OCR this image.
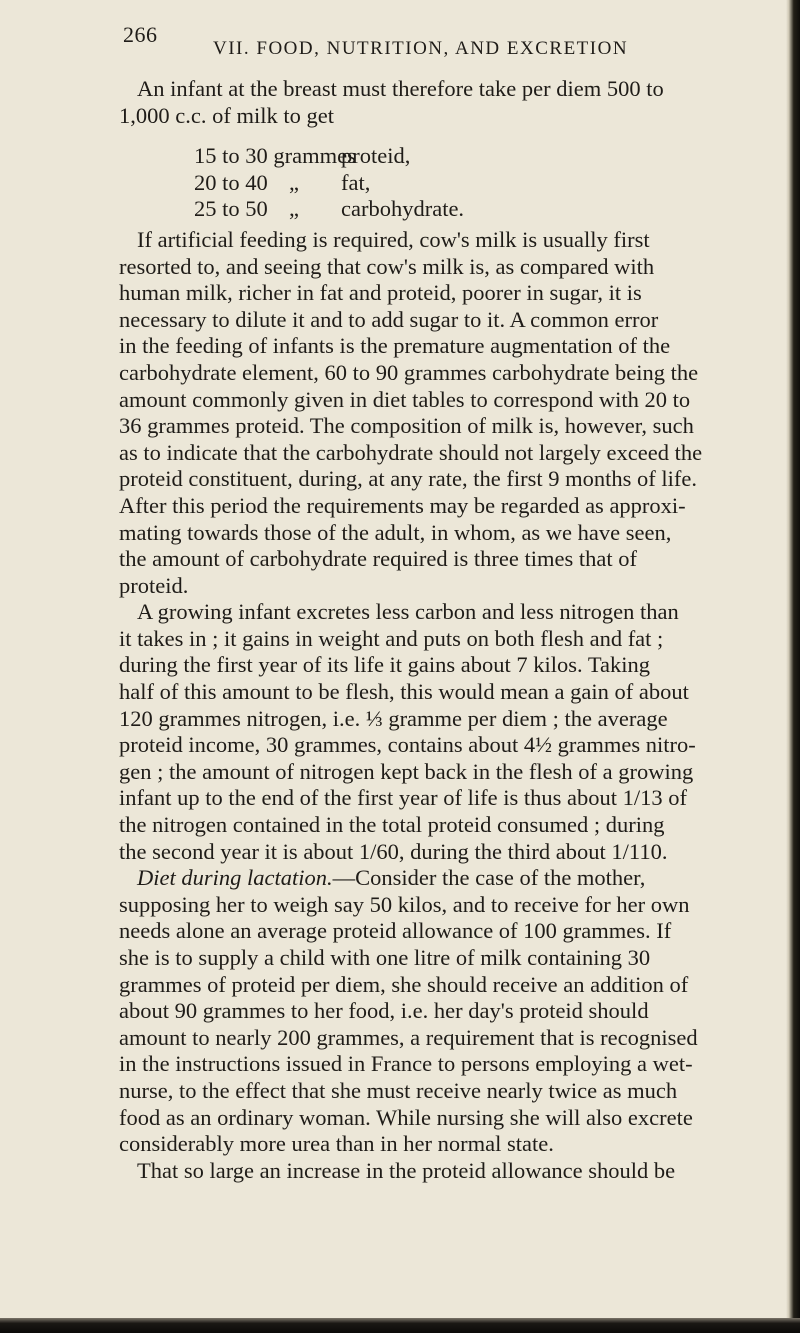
266
VII. FOOD, NUTRITION, AND EXCRETION
An infant at the breast must therefore take per diem 500 to
1,000 c.c. of milk to get
15 to 30 grammesproteid,
20 to 40 „ fat,
25 to 50 „ carbohydrate.
If artificial feeding is required, cow's milk is usually first
resorted to, and seeing that cow's milk is, as compared with
human milk, richer in fat and proteid, poorer in sugar, it is
necessary to dilute it and to add sugar to it. A common error
in the feeding of infants is the premature augmentation of the
carbohydrate element, 60 to 90 grammes carbohydrate being the
amount commonly given in diet tables to correspond with 20 to
36 grammes proteid. The composition of milk is, however, such
as to indicate that the carbohydrate should not largely exceed the
proteid constituent, during, at any rate, the first 9 months of life.
After this period the requirements may be regarded as approxi-
mating towards those of the adult, in whom, as we have seen,
the amount of carbohydrate required is three times that of
proteid.
A growing infant excretes less carbon and less nitrogen than
it takes in ; it gains in weight and puts on both flesh and fat ;
during the first year of its life it gains about 7 kilos. Taking
half of this amount to be flesh, this would mean a gain of about
120 grammes nitrogen, i.e. ⅓ gramme per diem ; the average
proteid income, 30 grammes, contains about 4½ grammes nitro-
gen ; the amount of nitrogen kept back in the flesh of a growing
infant up to the end of the first year of life is thus about 1/13 of
the nitrogen contained in the total proteid consumed ; during
the second year it is about 1/60, during the third about 1/110.
Diet during lactation.—Consider the case of the mother,
supposing her to weigh say 50 kilos, and to receive for her own
needs alone an average proteid allowance of 100 grammes. If
she is to supply a child with one litre of milk containing 30
grammes of proteid per diem, she should receive an addition of
about 90 grammes to her food, i.e. her day's proteid should
amount to nearly 200 grammes, a requirement that is recognised
in the instructions issued in France to persons employing a wet-
nurse, to the effect that she must receive nearly twice as much
food as an ordinary woman. While nursing she will also excrete
considerably more urea than in her normal state.
That so large an increase in the proteid allowance should be
